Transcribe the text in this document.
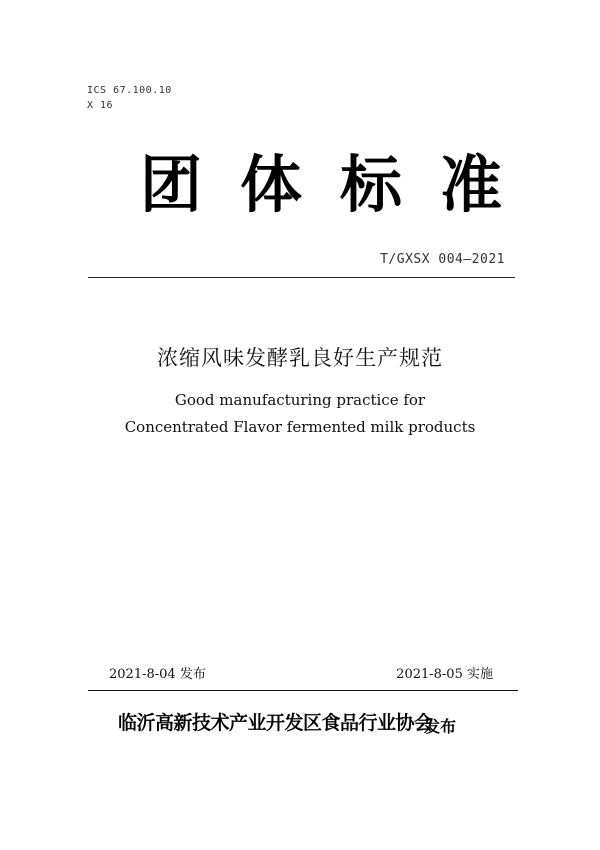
ICS 67.100.10
X 16
团体标准
T/GXSX 004—2021
浓缩风味发酵乳良好生产规范
Good manufacturing practice for
Concentrated Flavor fermented milk products
2021-8-04 发布	2021-8-05 实施
临沂高新技术产业开发区食品行业协会
发布
